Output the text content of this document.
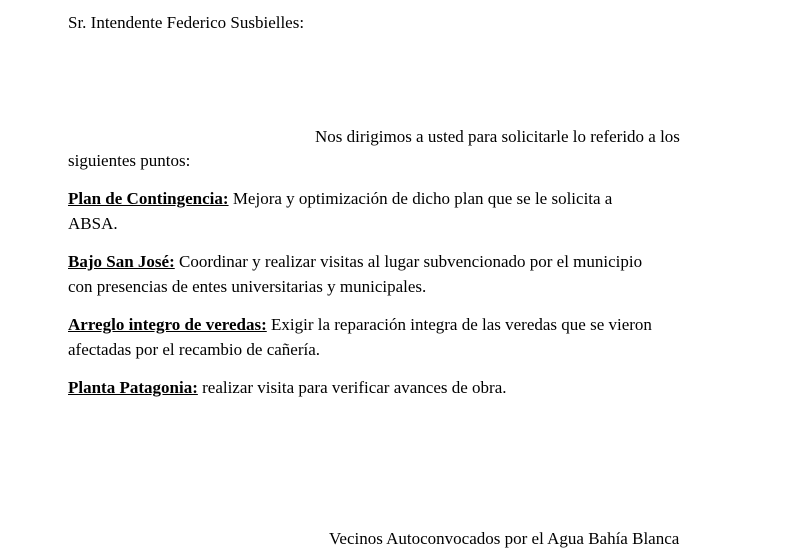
Sr. Intendente Federico Susbielles:
Nos dirigimos a usted para solicitarle lo referido a los
siguientes puntos:
Plan de Contingencia: Mejora y optimización de dicho plan que se le solicita a
ABSA.
Bajo San José: Coordinar y realizar visitas al lugar subvencionado por el municipio
con presencias de entes universitarias y municipales.
Arreglo integro de veredas: Exigir la reparación integra de las veredas que se vieron
afectadas por el recambio de cañería.
Planta Patagonia: realizar visita para verificar avances de obra.
Vecinos Autoconvocados por el Agua Bahía Blanca
